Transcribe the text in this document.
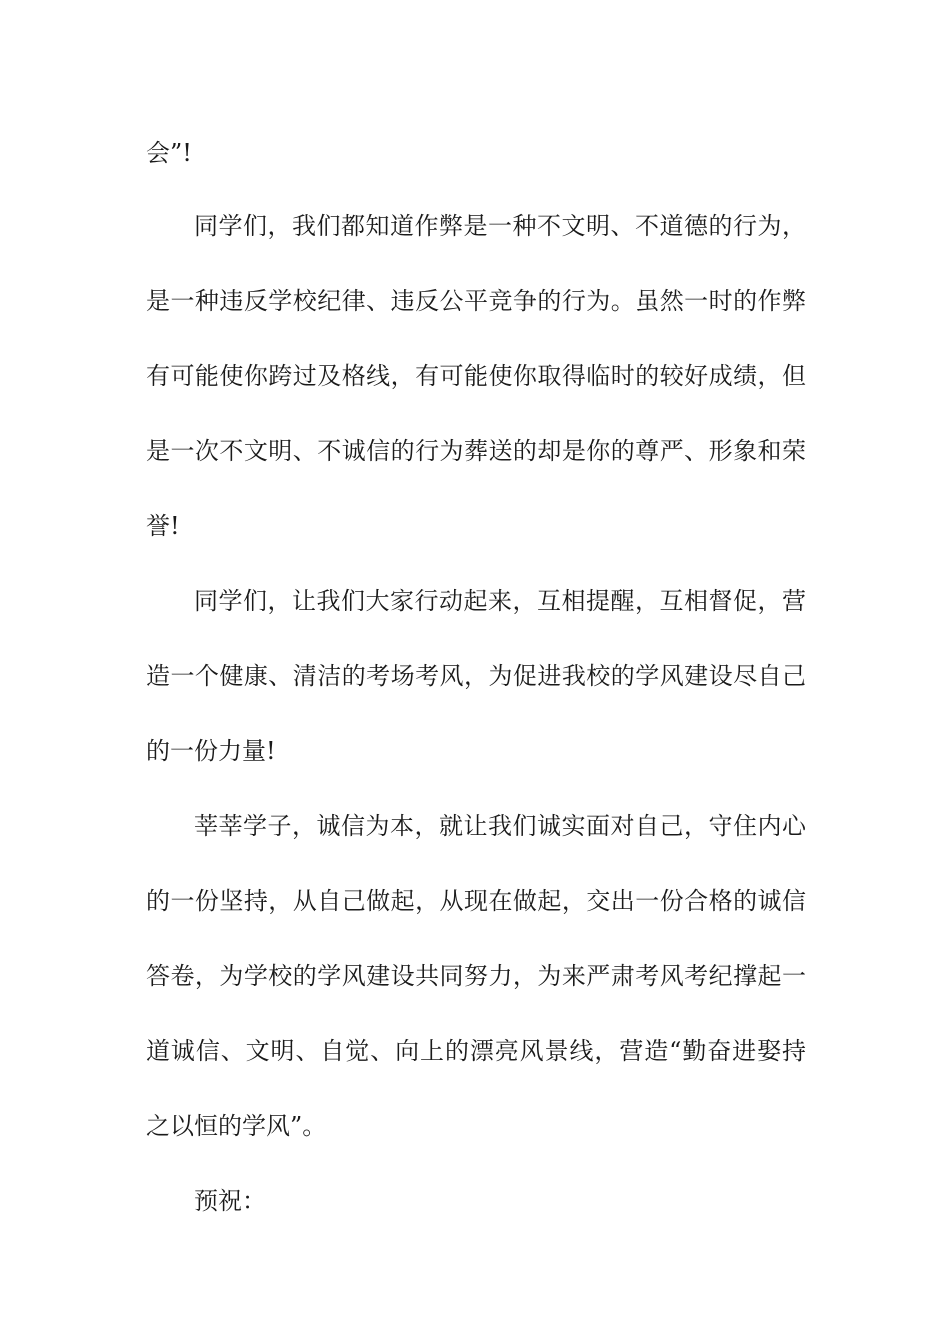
会”!
同学们，我们都知道作弊是一种不文明、不道德的行为，
是一种违反学校纪律、违反公平竞争的行为。虽然一时的作弊
有可能使你跨过及格线，有可能使你取得临时的较好成绩，但
是一次不文明、不诚信的行为葬送的却是你的尊严、形象和荣
誉!
同学们，让我们大家行动起来，互相提醒，互相督促，营
造一个健康、清洁的考场考风，为促进我校的学风建设尽自己
的一份力量!
莘莘学子，诚信为本，就让我们诚实面对自己，守住内心
的一份坚持，从自己做起，从现在做起，交出一份合格的诚信
答卷，为学校的学风建设共同努力，为来严肃考风考纪撑起一
道诚信、文明、自觉、向上的漂亮风景线，营造“勤奋进娶持
之以恒的学风”。
预祝：
